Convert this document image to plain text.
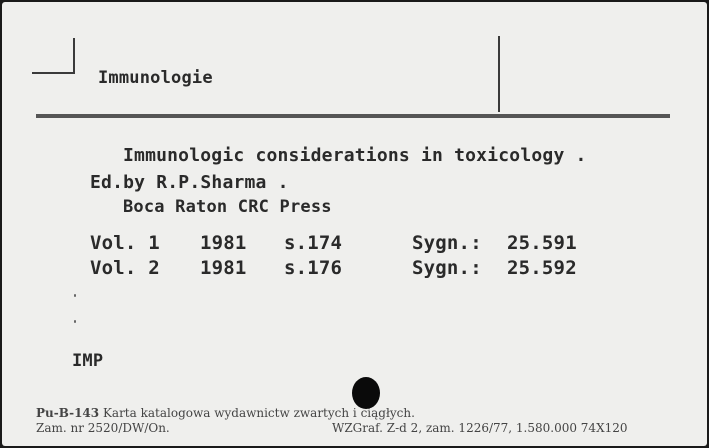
Immunologie
Immunologic considerations in toxicology .
Ed.by R.P.Sharma .
Boca Raton CRC Press
Vol. 1 1981 s.174	Sygn.: 25.591
Vol. 2 1981 s.176	Sygn.: 25.592
IMP
Pu-B-143 Karta katalogowa wydawnictw zwartych i ciągłych.
Zam. nr 2520/DW/On.	WZGraf. Z-d 2, zam. 1226/77, 1.580.000 74X120
